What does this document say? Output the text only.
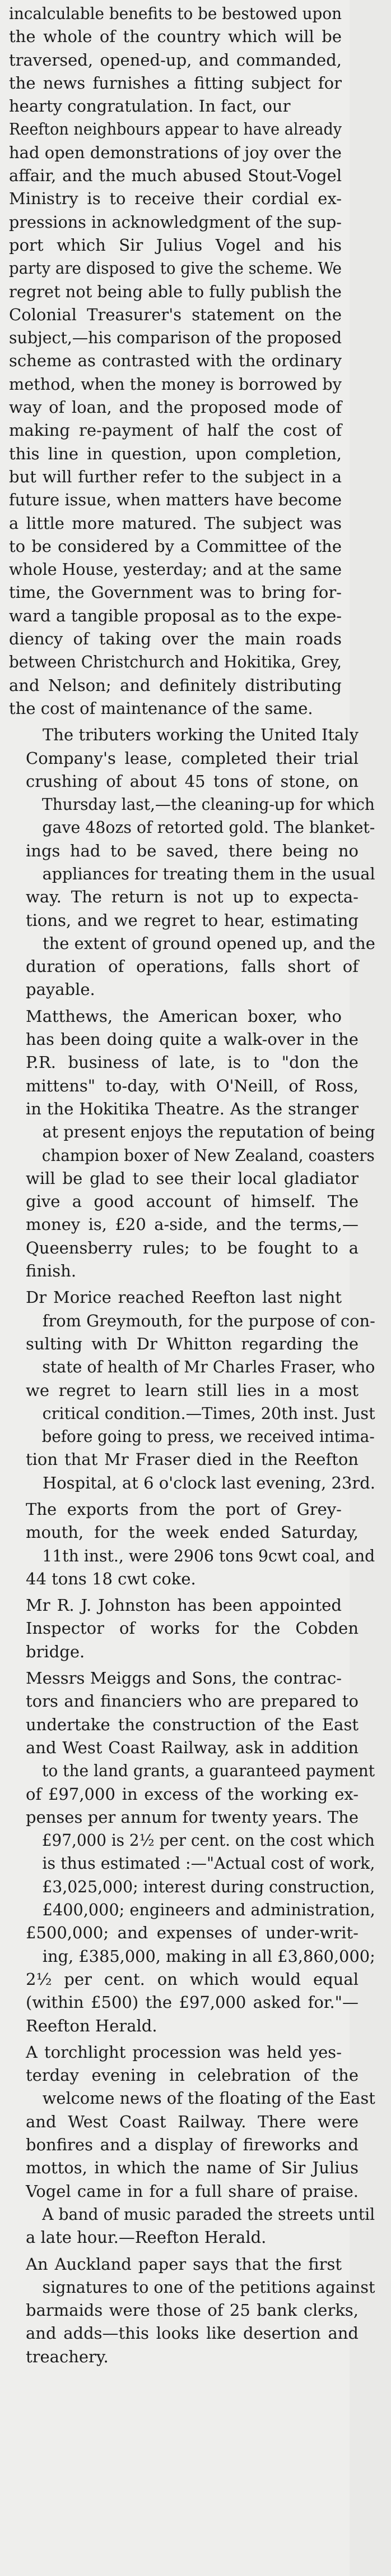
incalculable benefits to be bestowed upon
the whole of the country which will be
traversed, opened-up, and commanded,
the news furnishes a fitting subject for
hearty congratulation. In fact, our
Reefton neighbours appear to have already
had open demonstrations of joy over the
affair, and the much abused Stout-Vogel
Ministry is to receive their cordial ex-
pressions in acknowledgment of the sup-
port which Sir Julius Vogel and his
party are disposed to give the scheme. We
regret not being able to fully publish the
Colonial Treasurer's statement on the
subject,—his comparison of the proposed
scheme as contrasted with the ordinary
method, when the money is borrowed by
way of loan, and the proposed mode of
making re-payment of half the cost of
this line in question, upon completion,
but will further refer to the subject in a
future issue, when matters have become
a little more matured. The subject was
to be considered by a Committee of the
whole House, yesterday; and at the same
time, the Government was to bring for-
ward a tangible proposal as to the expe-
diency of taking over the main roads
between Christchurch and Hokitika, Grey,
and Nelson; and definitely distributing
the cost of maintenance of the same.

The tributers working the United Italy
Company's lease, completed their trial
crushing of about 45 tons of stone, on
Thursday last,—the cleaning-up for which
gave 48ozs of retorted gold. The blanket-
ings had to be saved, there being no
appliances for treating them in the usual
way. The return is not up to expecta-
tions, and we regret to hear, estimating
the extent of ground opened up, and the
duration of operations, falls short of
payable.

Matthews, the American boxer, who
has been doing quite a walk-over in the
P.R. business of late, is to "don the
mittens" to-day, with O'Neill, of Ross,
in the Hokitika Theatre. As the stranger
at present enjoys the reputation of being
champion boxer of New Zealand, coasters
will be glad to see their local gladiator
give a good account of himself. The
money is, £20 a-side, and the terms,—
Queensberry rules; to be fought to a
finish.

Dr Morice reached Reefton last night
from Greymouth, for the purpose of con-
sulting with Dr Whitton regarding the
state of health of Mr Charles Fraser, who
we regret to learn still lies in a most
critical condition.—Times, 20th inst. Just
before going to press, we received intima-
tion that Mr Fraser died in the Reefton
Hospital, at 6 o'clock last evening, 23rd.

The exports from the port of Grey-
mouth, for the week ended Saturday,
11th inst., were 2906 tons 9cwt coal, and
44 tons 18 cwt coke.

Mr R. J. Johnston has been appointed
Inspector of works for the Cobden
bridge.

Messrs Meiggs and Sons, the contrac-
tors and financiers who are prepared to
undertake the construction of the East
and West Coast Railway, ask in addition
to the land grants, a guaranteed payment
of £97,000 in excess of the working ex-
penses per annum for twenty years. The
£97,000 is 2½ per cent. on the cost which
is thus estimated :—"Actual cost of work,
£3,025,000; interest during construction,
£400,000; engineers and administration,
£500,000; and expenses of under-writ-
ing, £385,000, making in all £3,860,000;
2½ per cent. on which would equal
(within £500) the £97,000 asked for."—
Reefton Herald.

A torchlight procession was held yes-
terday evening in celebration of the
welcome news of the floating of the East
and West Coast Railway. There were
bonfires and a display of fireworks and
mottos, in which the name of Sir Julius
Vogel came in for a full share of praise.
A band of music paraded the streets until
a late hour.—Reefton Herald.

An Auckland paper says that the first
signatures to one of the petitions against
barmaids were those of 25 bank clerks,
and adds—this looks like desertion and
treachery.
